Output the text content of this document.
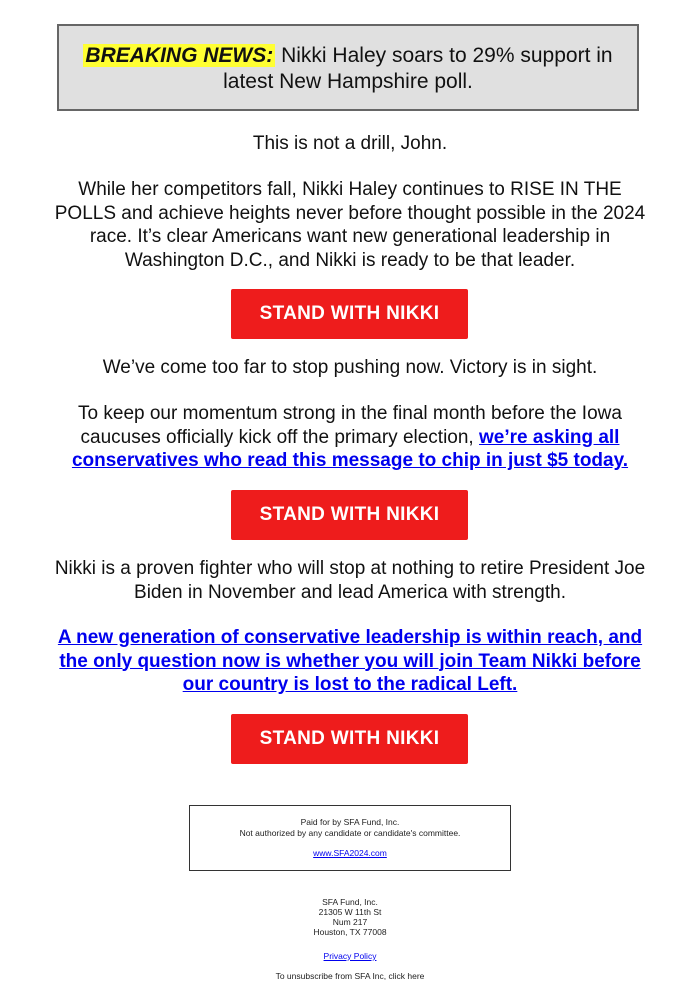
BREAKING NEWS: Nikki Haley soars to 29% support in latest New Hampshire poll.
This is not a drill, John.
While her competitors fall, Nikki Haley continues to RISE IN THE POLLS and achieve heights never before thought possible in the 2024 race. It’s clear Americans want new generational leadership in Washington D.C., and Nikki is ready to be that leader.
STAND WITH NIKKI
We’ve come too far to stop pushing now. Victory is in sight.
To keep our momentum strong in the final month before the Iowa caucuses officially kick off the primary election, we’re asking all conservatives who read this message to chip in just $5 today.
STAND WITH NIKKI
Nikki is a proven fighter who will stop at nothing to retire President Joe Biden in November and lead America with strength.
A new generation of conservative leadership is within reach, and the only question now is whether you will join Team Nikki before our country is lost to the radical Left.
STAND WITH NIKKI
Paid for by SFA Fund, Inc.
Not authorized by any candidate or candidate's committee.
www.SFA2024.com
SFA Fund, Inc.
21305 W 11th St
Num 217
Houston, TX 77008
Privacy Policy
To unsubscribe from SFA Inc, click here
